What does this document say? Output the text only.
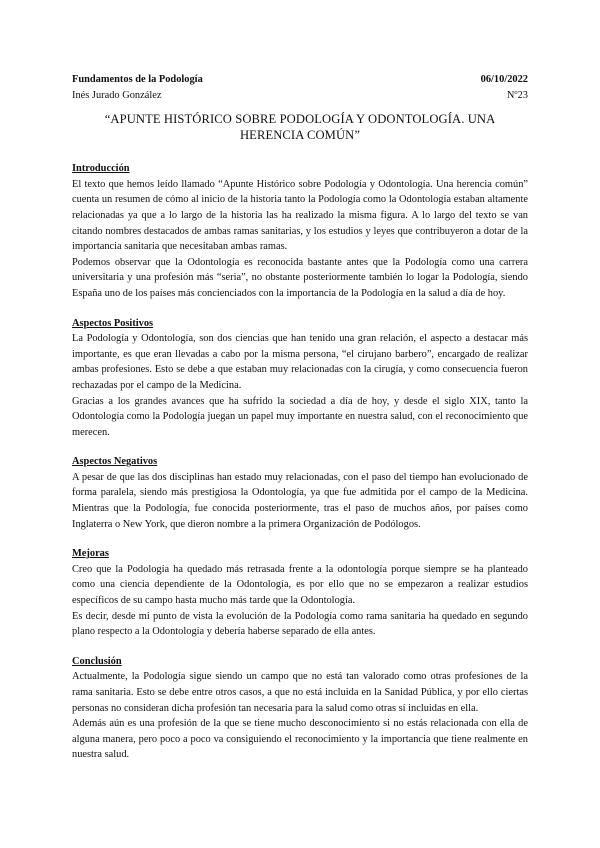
Fundamentos de la Podología	06/10/2022
Inés Jurado González	Nº23
“APUNTE HISTÓRICO SOBRE PODOLOGÍA Y ODONTOLOGÍA. UNA HERENCIA COMÚN”
Introducción

El texto que hemos leído llamado “Apunte Histórico sobre Podología y Odontología. Una herencia común” cuenta un resumen de cómo al inicio de la historia tanto la Podología como la Odontología estaban altamente relacionadas ya que a lo largo de la historia las ha realizado la misma figura. A lo largo del texto se van citando nombres destacados de ambas ramas sanitarias, y los estudios y leyes que contribuyeron a dotar de la importancia sanitaria que necesitaban ambas ramas.

Podemos observar que la Odontología es reconocida bastante antes que la Podología como una carrera universitaria y una profesión más “seria”, no obstante posteriormente también lo logar la Podología, siendo España uno de los países más concienciados con la importancia de la Podología en la salud a día de hoy.

Aspectos Positivos

La Podología y Odontología, son dos ciencias que han tenido una gran relación, el aspecto a destacar más importante, es que eran llevadas a cabo por la misma persona, “el cirujano barbero”, encargado de realizar ambas profesiones. Esto se debe a que estaban muy relacionadas con la cirugía, y como consecuencia fueron rechazadas por el campo de la Medicina.

Gracias a los grandes avances que ha sufrido la sociedad a día de hoy, y desde el siglo XIX, tanto la Odontología como la Podología juegan un papel muy importante en nuestra salud, con el reconocimiento que merecen.

Aspectos Negativos

A pesar de que las dos disciplinas han estado muy relacionadas, con el paso del tiempo han evolucionado de forma paralela, siendo más prestigiosa la Odontología, ya que fue admitida por el campo de la Medicina. Mientras que la Podología, fue conocida posteriormente, tras el paso de muchos años, por países como Inglaterra o New York, que dieron nombre a la primera Organización de Podólogos.

Mejoras

Creo que la Podología ha quedado más retrasada frente a la odontología porque siempre se ha planteado como una ciencia dependiente de la Odontología, es por ello que no se empezaron a realizar estudios específicos de su campo hasta mucho más tarde que la Odontología.

Es decir, desde mi punto de vista la evolución de la Podología como rama sanitaria ha quedado en segundo plano respecto a la Odontología y debería haberse separado de ella antes.

Conclusión

Actualmente, la Podología sigue siendo un campo que no está tan valorado como otras profesiones de la rama sanitaria. Esto se debe entre otros casos, a que no está incluida en la Sanidad Pública, y por ello ciertas personas no consideran dicha profesión tan necesaria para la salud como otras sí incluidas en ella.

Además aún es una profesión de la que se tiene mucho desconocimiento si no estás relacionada con ella de alguna manera, pero poco a poco va consiguiendo el reconocimiento y la importancia que tiene realmente en nuestra salud.
